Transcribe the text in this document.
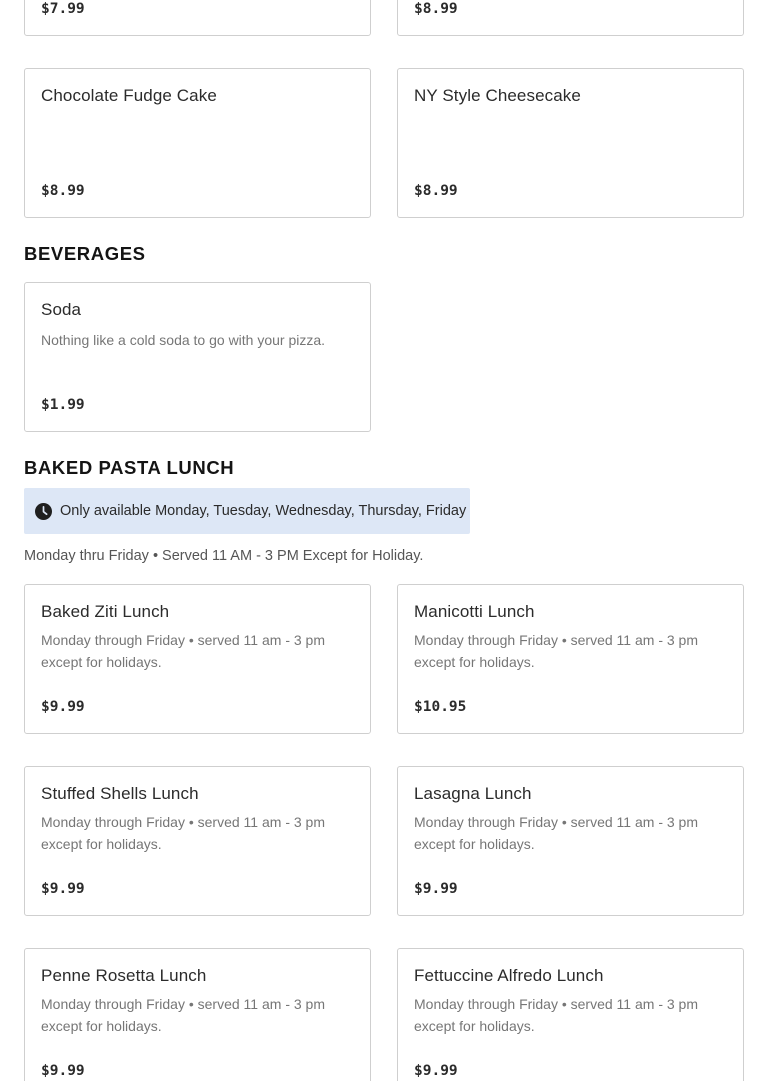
$7.99	$8.99
Chocolate Fudge Cake
$8.99
NY Style Cheesecake
$8.99
BEVERAGES
Soda
Nothing like a cold soda to go with your pizza.
$1.99
BAKED PASTA LUNCH
Only available Monday, Tuesday, Wednesday, Thursday, Friday
Monday thru Friday • Served 11 AM - 3 PM Except for Holiday.
Baked Ziti Lunch
Monday through Friday • served 11 am - 3 pm except for holidays.
$9.99
Manicotti Lunch
Monday through Friday • served 11 am - 3 pm except for holidays.
$10.95
Stuffed Shells Lunch
Monday through Friday • served 11 am - 3 pm except for holidays.
$9.99
Lasagna Lunch
Monday through Friday • served 11 am - 3 pm except for holidays.
$9.99
Penne Rosetta Lunch
Monday through Friday • served 11 am - 3 pm except for holidays.
$9.99
Fettuccine Alfredo Lunch
Monday through Friday • served 11 am - 3 pm except for holidays.
$9.99
